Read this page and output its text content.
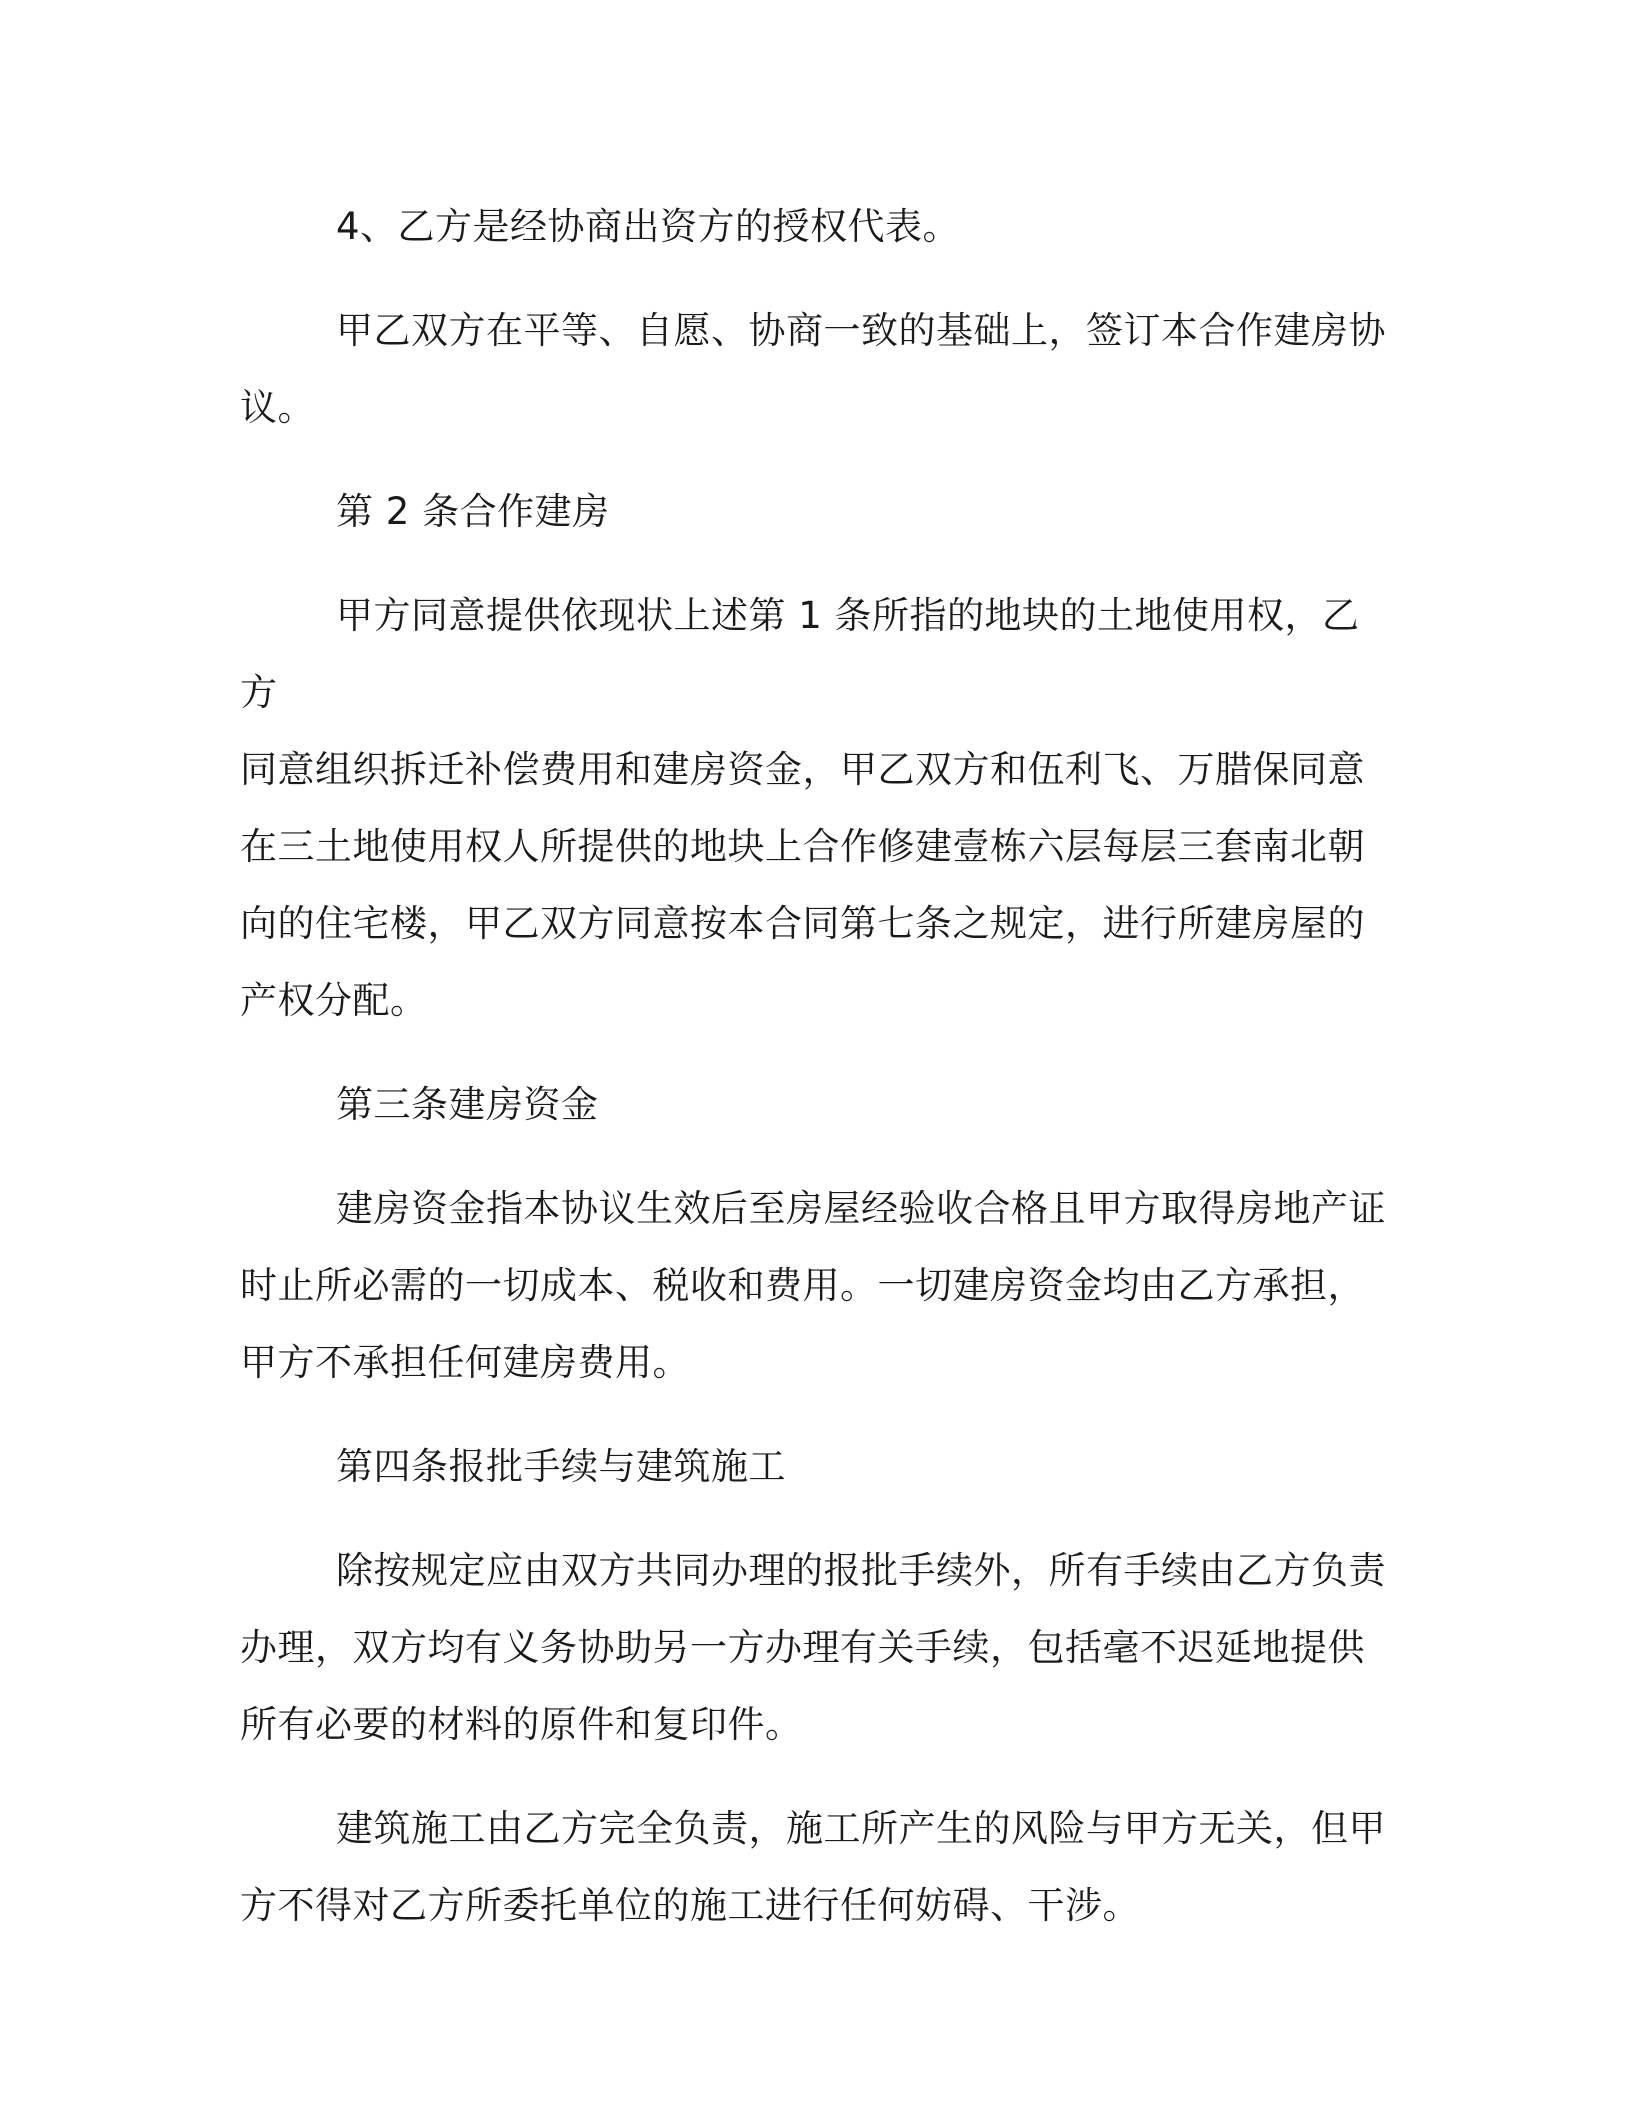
4、乙方是经协商出资方的授权代表。

甲乙双方在平等、自愿、协商一致的基础上，签订本合作建房协
议。

第 2 条合作建房

甲方同意提供依现状上述第 1 条所指的地块的土地使用权，乙方
同意组织拆迁补偿费用和建房资金，甲乙双方和伍利飞、万腊保同意
在三土地使用权人所提供的地块上合作修建壹栋六层每层三套南北朝
向的住宅楼，甲乙双方同意按本合同第七条之规定，进行所建房屋的
产权分配。

第三条建房资金

建房资金指本协议生效后至房屋经验收合格且甲方取得房地产证
时止所必需的一切成本、税收和费用。一切建房资金均由乙方承担，
甲方不承担任何建房费用。

第四条报批手续与建筑施工

除按规定应由双方共同办理的报批手续外，所有手续由乙方负责
办理，双方均有义务协助另一方办理有关手续，包括毫不迟延地提供
所有必要的材料的原件和复印件。

建筑施工由乙方完全负责，施工所产生的风险与甲方无关，但甲
方不得对乙方所委托单位的施工进行任何妨碍、干涉。
